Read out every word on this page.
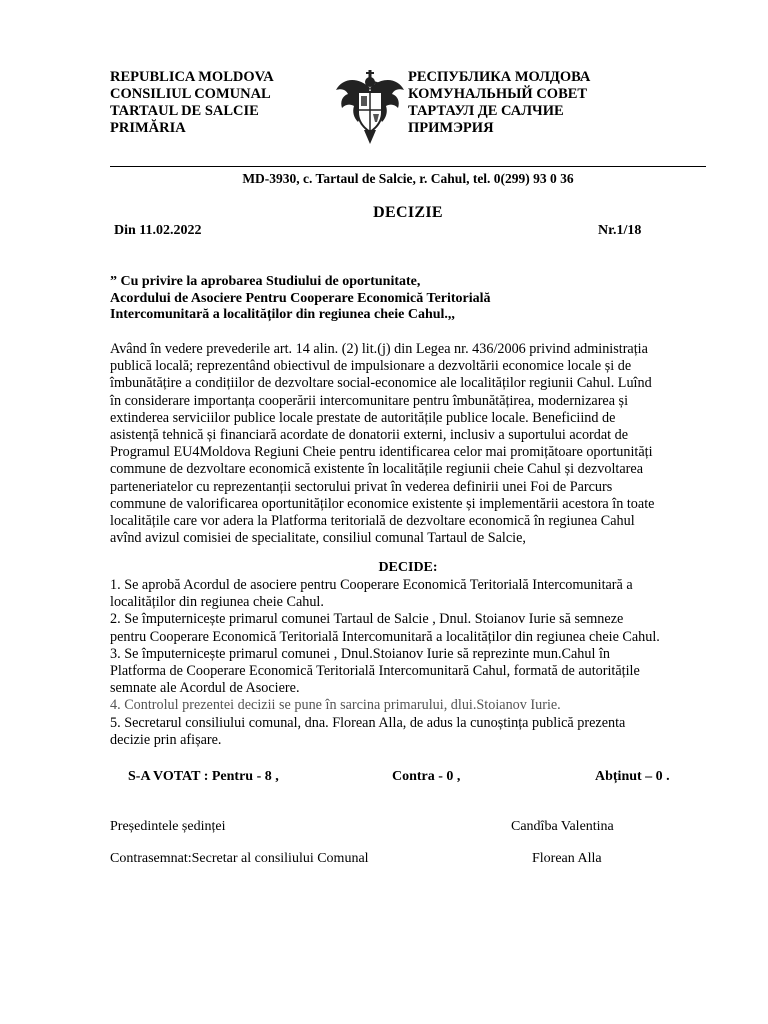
REPUBLICA MOLDOVA
CONSILIUL COMUNAL
TARTAUL DE SALCIE
PRIMĂRIA
РЕСПУБЛИКА МОЛДОВА
КОМУНАЛЬНЫЙ СОВЕТ
ТАРТАУЛ ДЕ САЛЧИЕ
ПРИМЭРИЯ
MD-3930, c. Tartaul de Salcie, r. Cahul, tel. 0(299) 93 0 36
DECIZIE
Din 11.02.2022	Nr.1/18
” Cu privire la aprobarea Studiului de oportunitate,
Acordului de Asociere Pentru Cooperare Economică Teritorială
Intercomunitară a localităților din regiunea cheie Cahul.,,
Având în vedere prevederile art. 14 alin. (2) lit.(j) din Legea nr. 436/2006 privind administrația
publică locală; reprezentând obiectivul de impulsionare a dezvoltării economice locale și de
îmbunătățire a condițiilor de dezvoltare social-economice ale localităților regiunii Cahul. Luînd
în considerare importanța cooperării intercomunitare pentru îmbunătățirea, modernizarea și
extinderea serviciilor publice locale prestate de autoritățile publice locale. Beneficiind de
asistență tehnică și financiară acordate de donatorii externi, inclusiv a suportului acordat de
Programul EU4Moldova Regiuni Cheie pentru identificarea celor mai promițătoare oportunități
commune de dezvoltare economică existente în localitățile regiunii cheie Cahul și dezvoltarea
parteneriatelor cu reprezentanții sectorului privat în vederea definirii unei Foi de Parcurs
commune de valorificarea oportunităților economice existente și implementării acestora în toate
localitățile care vor adera la Platforma teritorială de dezvoltare economică în regiunea Cahul
avînd avizul comisiei de specialitate, consiliul comunal Tartaul de Salcie,
DECIDE:
1. Se aprobă Acordul de asociere pentru Cooperare Economică Teritorială Intercomunitară a
localităților din regiunea cheie Cahul.
2. Se împuternicește primarul comunei Tartaul de Salcie , Dnul. Stoianov Iurie să semneze
pentru Cooperare Economică Teritorială Intercomunitară a localităților din regiunea cheie Cahul.
3. Se împuternicește primarul comunei , Dnul.Stoianov Iurie să reprezinte mun.Cahul în
Platforma de Cooperare Economică Teritorială Intercomunitară Cahul, formată de autoritățile
semnate ale Acordul de Asociere.
4. Controlul prezentei decizii se pune în sarcina primarului, dlui.Stoianov Iurie.
5. Secretarul consiliului comunal, dna. Florean Alla, de adus la cunoștința publică prezenta
decizie prin afișare.
S-A VOTAT : Pentru - 8 ,	Contra - 0 ,	Abținut – 0 .
Președintele ședinței	Candîba Valentina
Contrasemnat:Secretar al consiliului Comunal	Florean Alla
